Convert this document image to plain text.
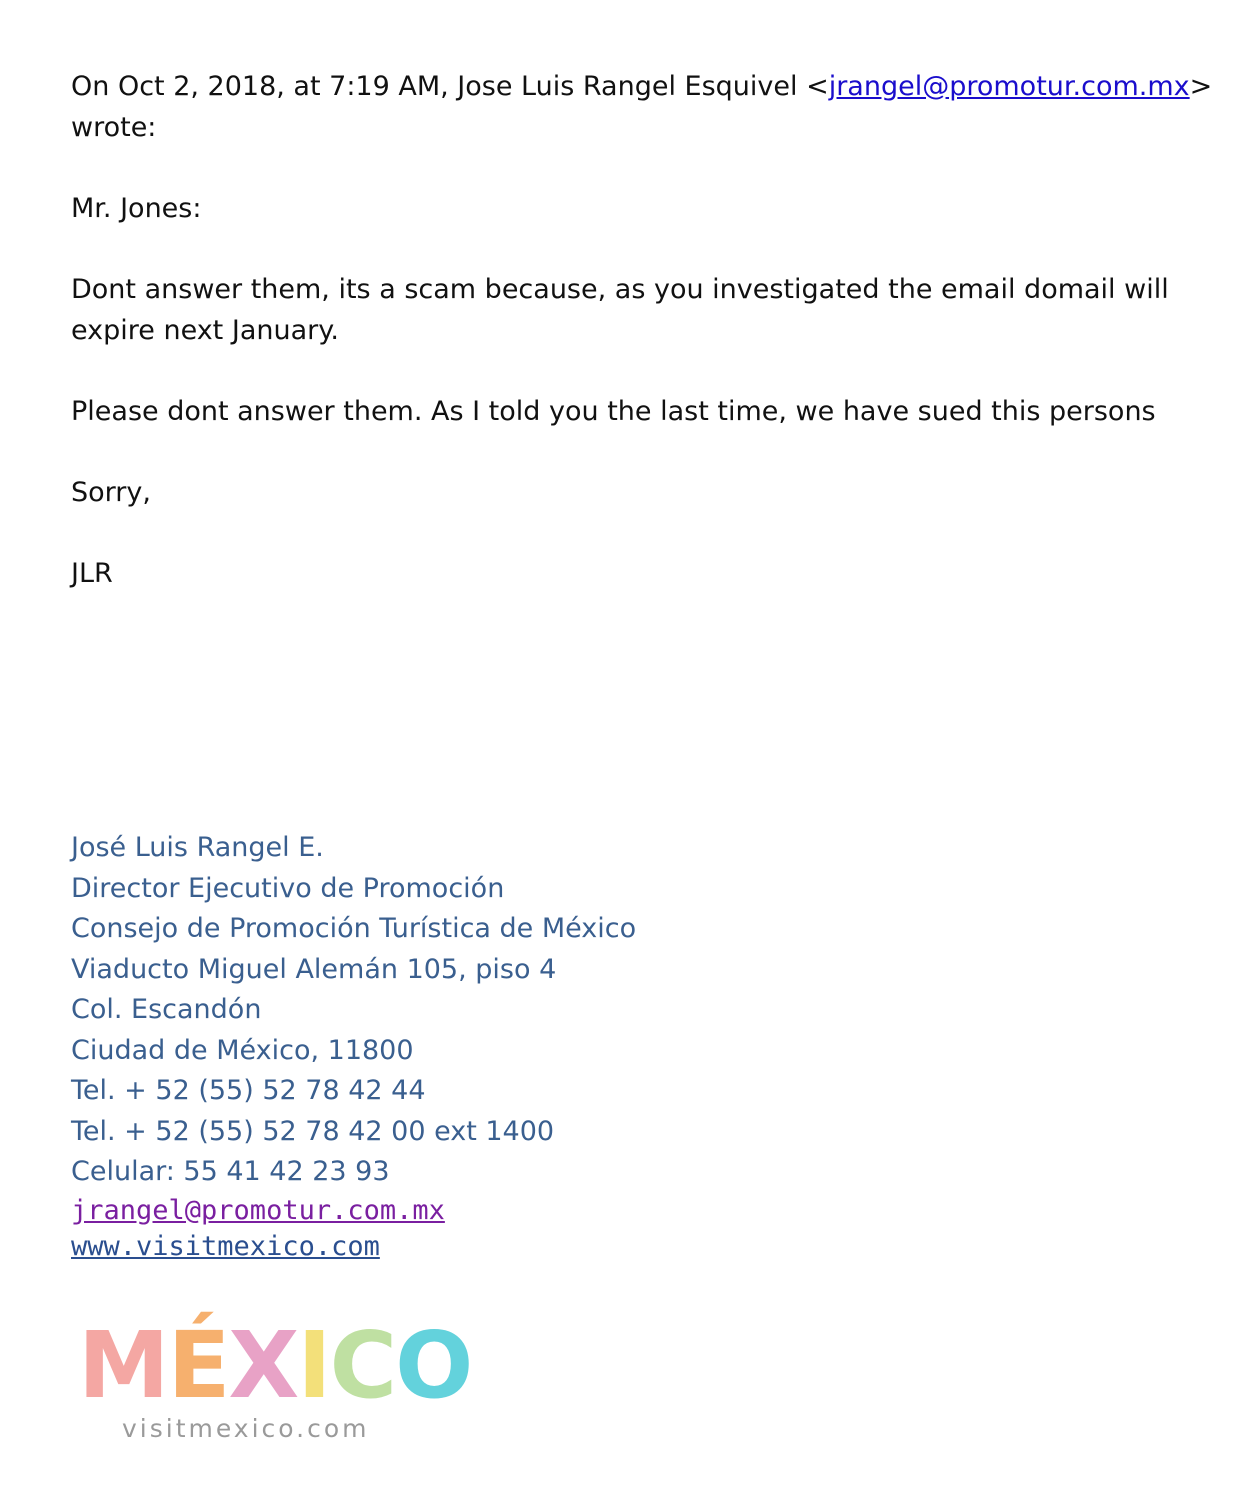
On Oct 2, 2018, at 7:19 AM, Jose Luis Rangel Esquivel <jrangel@promotur.com.mx>
wrote:

Mr. Jones:

Dont answer them, its a scam because, as you investigated the email domail will expire next January.

Please dont answer them. As I told you the last time, we have sued this persons

Sorry,

JLR

José Luis Rangel E.
Director Ejecutivo de Promoción
Consejo de Promoción Turística de México
Viaducto Miguel Alemán 105, piso 4
Col. Escandón
Ciudad de México, 11800
Tel. + 52 (55) 52 78 42 44
Tel. + 52 (55) 52 78 42 00 ext 1400
Celular: 55 41 42 23 93
jrangel@promotur.com.mx
www.visitmexico.com
MÉXICO
visitmexico.com
